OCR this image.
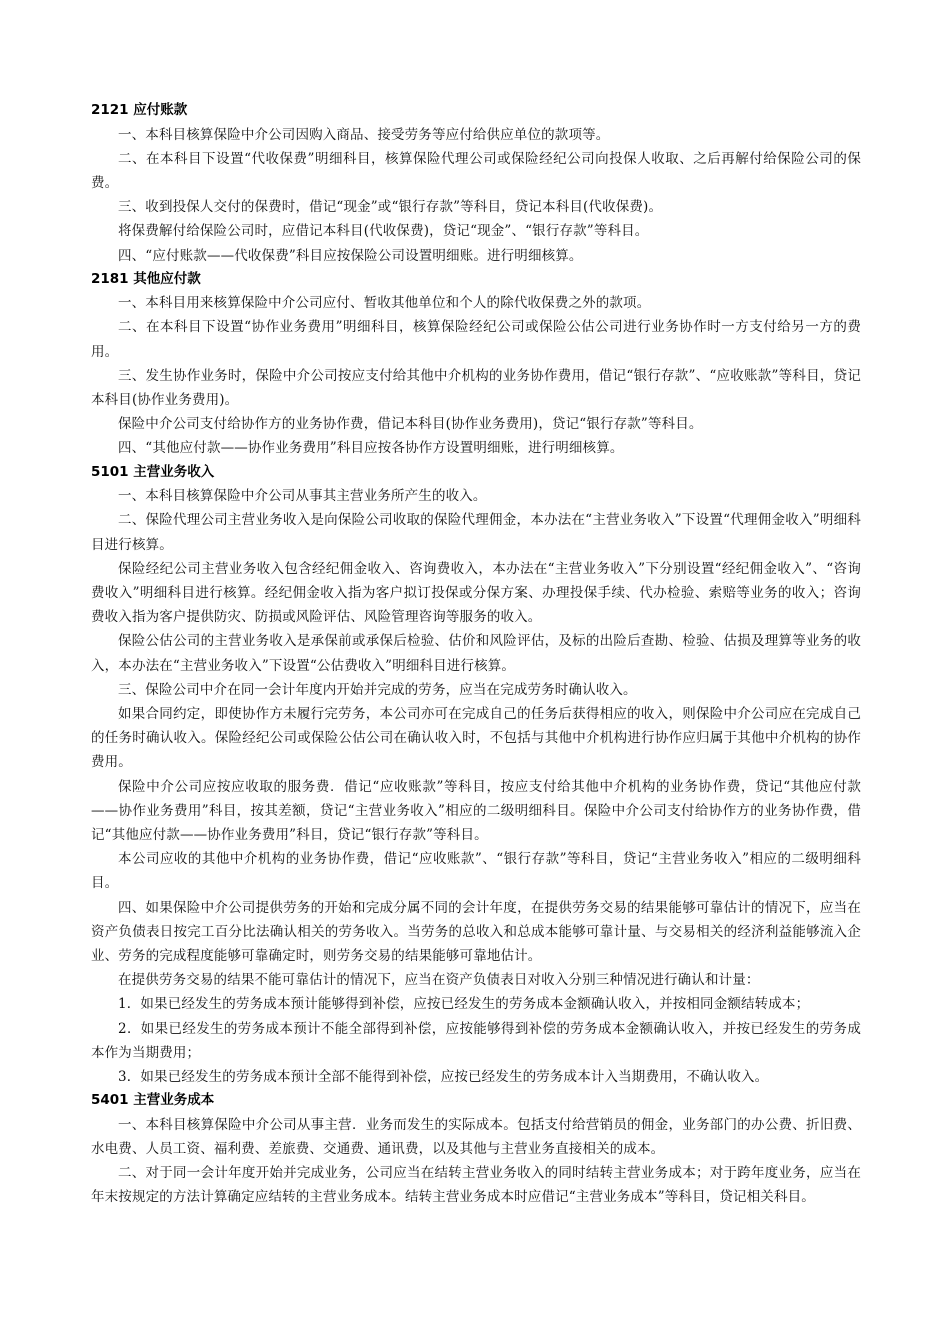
2121 应付账款

一、本科目核算保险中介公司因购入商品、接受劳务等应付给供应单位的款项等。

二、在本科目下设置“代收保费”明细科目，核算保险代理公司或保险经纪公司向投保人收取、之后再解付给保险公司的保费。

三、收到投保人交付的保费时，借记“现金”或“银行存款”等科目，贷记本科目(代收保费)。

将保费解付给保险公司时，应借记本科目(代收保费)，贷记“现金”、“银行存款”等科目。

四、“应付账款——代收保费”科目应按保险公司设置明细账。进行明细核算。

2181 其他应付款

一、本科目用来核算保险中介公司应付、暂收其他单位和个人的除代收保费之外的款项。

二、在本科目下设置“协作业务费用”明细科目，核算保险经纪公司或保险公估公司进行业务协作时一方支付给另一方的费用。

三、发生协作业务时，保险中介公司按应支付给其他中介机构的业务协作费用，借记“银行存款”、“应收账款”等科目，贷记本科目(协作业务费用)。

保险中介公司支付给协作方的业务协作费，借记本科目(协作业务费用)，贷记“银行存款”等科目。

四、“其他应付款——协作业务费用”科目应按各协作方设置明细账，进行明细核算。

5101 主营业务收入

一、本科目核算保险中介公司从事其主营业务所产生的收入。

二、保险代理公司主营业务收入是向保险公司收取的保险代理佣金，本办法在“主营业务收入”下设置“代理佣金收入”明细科目进行核算。

保险经纪公司主营业务收入包含经纪佣金收入、咨询费收入，本办法在“主营业务收入”下分别设置“经纪佣金收入”、“咨询费收入”明细科目进行核算。经纪佣金收入指为客户拟订投保或分保方案、办理投保手续、代办检验、索赔等业务的收入；咨询费收入指为客户提供防灾、防损或风险评估、风险管理咨询等服务的收入。

保险公估公司的主营业务收入是承保前或承保后检验、估价和风险评估，及标的出险后查勘、检验、估损及理算等业务的收入，本办法在“主营业务收入”下设置“公估费收入”明细科目进行核算。

三、保险公司中介在同一会计年度内开始并完成的劳务，应当在完成劳务时确认收入。

如果合同约定，即使协作方未履行完劳务，本公司亦可在完成自己的任务后获得相应的收入，则保险中介公司应在完成自己的任务时确认收入。保险经纪公司或保险公估公司在确认收入时，不包括与其他中介机构进行协作应归属于其他中介机构的协作费用。

保险中介公司应按应收取的服务费．借记“应收账款”等科目，按应支付给其他中介机构的业务协作费，贷记“其他应付款——协作业务费用”科目，按其差额，贷记“主营业务收入”相应的二级明细科目。保险中介公司支付给协作方的业务协作费，借记“其他应付款——协作业务费用”科目，贷记“银行存款”等科目。

本公司应收的其他中介机构的业务协作费，借记“应收账款”、“银行存款”等科目，贷记“主营业务收入”相应的二级明细科目。

四、如果保险中介公司提供劳务的开始和完成分属不同的会计年度，在提供劳务交易的结果能够可靠估计的情况下，应当在资产负债表日按完工百分比法确认相关的劳务收入。当劳务的总收入和总成本能够可靠计量、与交易相关的经济利益能够流入企业、劳务的完成程度能够可靠确定时，则劳务交易的结果能够可靠地估计。

在提供劳务交易的结果不能可靠估计的情况下，应当在资产负债表日对收入分别三种情况进行确认和计量：

1．如果已经发生的劳务成本预计能够得到补偿，应按已经发生的劳务成本金额确认收入，并按相同金额结转成本；

2．如果已经发生的劳务成本预计不能全部得到补偿，应按能够得到补偿的劳务成本金额确认收入，并按已经发生的劳务成本作为当期费用；

3．如果已经发生的劳务成本预计全部不能得到补偿，应按已经发生的劳务成本计入当期费用，不确认收入。

5401 主营业务成本

一、本科目核算保险中介公司从事主营．业务而发生的实际成本。包括支付给营销员的佣金，业务部门的办公费、折旧费、水电费、人员工资、福利费、差旅费、交通费、通讯费，以及其他与主营业务直接相关的成本。

二、对于同一会计年度开始并完成业务，公司应当在结转主营业务收入的同时结转主营业务成本；对于跨年度业务，应当在年末按规定的方法计算确定应结转的主营业务成本。结转主营业务成本时应借记“主营业务成本”等科目，贷记相关科目。
